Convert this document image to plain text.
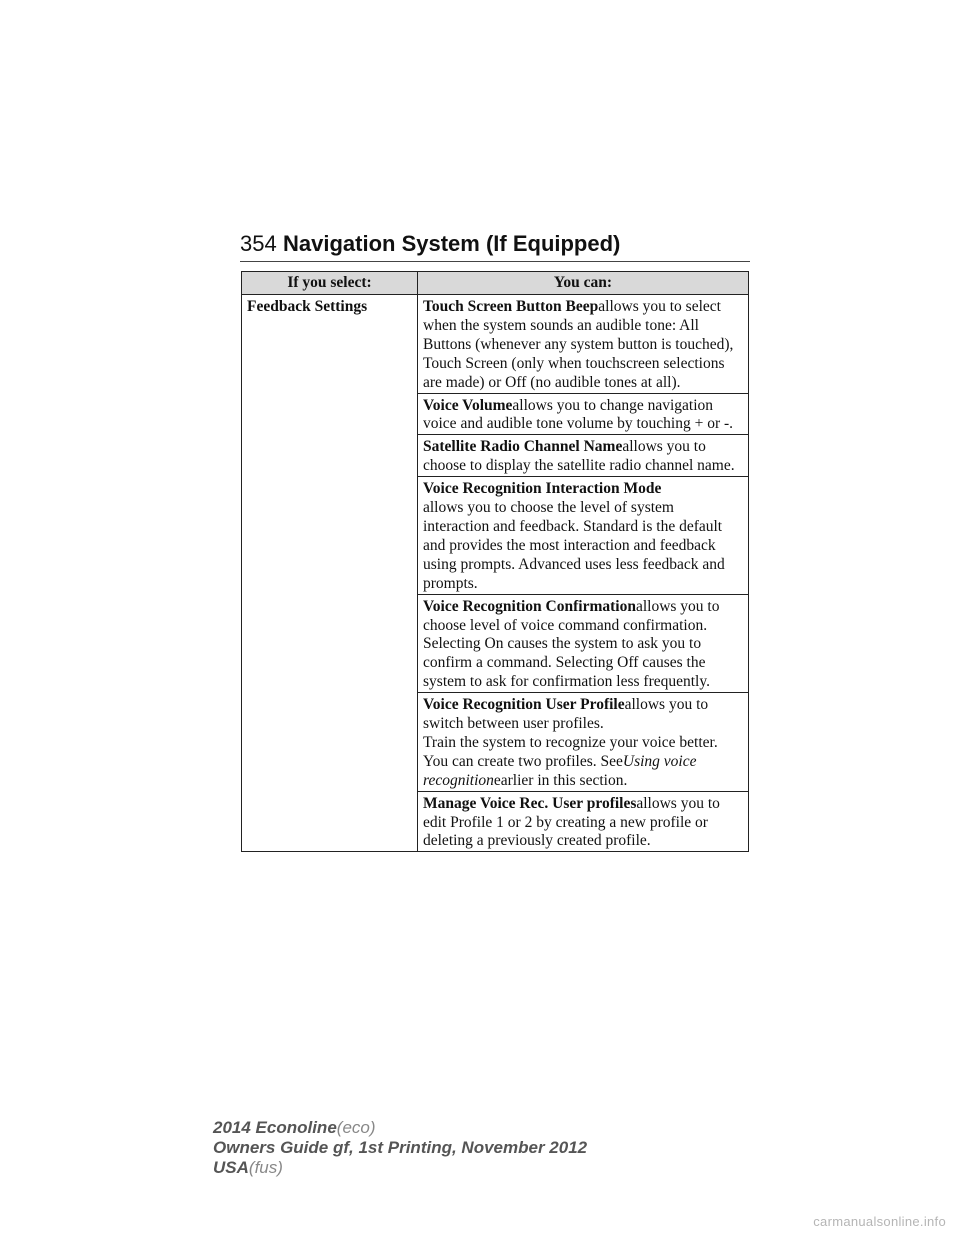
354 Navigation System (If Equipped)
If you select:	You can:
Feedback Settings	Touch Screen Button Beepallows you to select when the system sounds an audible tone: All Buttons (whenever any system button is touched), Touch Screen (only when touchscreen selections are made) or Off (no audible tones at all).
	Voice Volumeallows you to change navigation voice and audible tone volume by touching + or -.
	Satellite Radio Channel Nameallows you to choose to display the satellite radio channel name.

	Voice Recognition Interaction Mode
allows you to choose the level of system interaction and feedback. Standard is the default and provides the most interaction and feedback using prompts. Advanced uses less feedback and prompts.
	Voice Recognition Confirmationallows you to choose level of voice command confirmation. Selecting On causes the system to ask you to confirm a command. Selecting Off causes the system to ask for confirmation less frequently.
	Voice Recognition User Profileallows you to switch between user profiles.
Train the system to recognize your voice better. You can create two profiles. SeeUsing voice recognitionearlier in this section.
	Manage Voice Rec. User profilesallows you to edit Profile 1 or 2 by creating a new profile or deleting a previously created profile.
2014 Econoline(eco)
Owners Guide gf, 1st Printing, November 2012
USA(fus)
carmanualsonline.info
